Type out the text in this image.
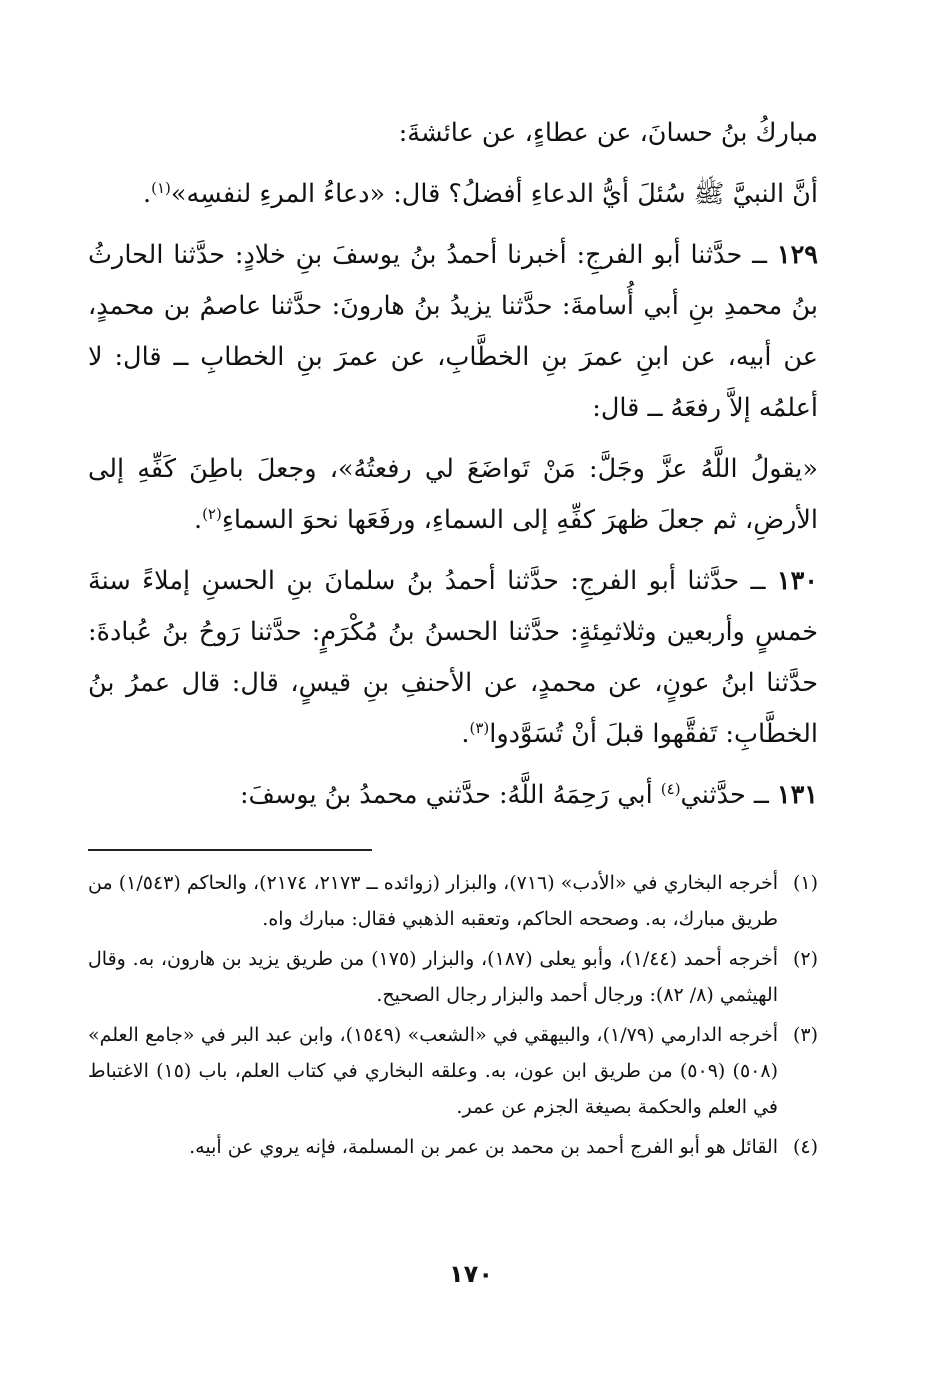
مباركُ بنُ حسانَ، عن عطاءٍ، عن عائشةَ:

أنَّ النبيَّ ﷺ سُئلَ أيُّ الدعاءِ أفضلُ؟ قال: «دعاءُ المرءِ لنفسِه»$^{(١)}$.

١٢٩ ــ حدَّثنا أبو الفرجِ: أخبرنا أحمدُ بنُ يوسفَ بنِ خلادٍ: حدَّثنا الحارثُ بنُ محمدِ بنِ أبي أُسامةَ: حدَّثنا يزيدُ بنُ هارونَ: حدَّثنا عاصمُ بن محمدٍ، عن أبيه، عن ابنِ عمرَ بنِ الخطَّابِ، عن عمرَ بنِ الخطابِ ــ قال: لا أعلمُه إلاَّ رفعَهُ ــ قال:

«يقولُ اللَّهُ عزَّ وجَلَّ: مَنْ تَواضَعَ لي رفعتُهُ»، وجعلَ باطِنَ كَفِّهِ إلى الأرضِ، ثم جعلَ ظهرَ كفِّهِ إلى السماءِ، ورفَعَها نحوَ السماءِ$^{(٢)}$.

١٣٠ ــ حدَّثنا أبو الفرجِ: حدَّثنا أحمدُ بنُ سلمانَ بنِ الحسنِ إملاءً سنةَ خمسٍ وأربعين وثلاثمِئةٍ: حدَّثنا الحسنُ بنُ مُكْرَمٍ: حدَّثنا رَوحُ بنُ عُبادةَ: حدَّثنا ابنُ عونٍ، عن محمدٍ، عن الأحنفِ بنِ قيسٍ، قال: قال عمرُ بنُ الخطَّابِ: تَفقَّهوا قبلَ أنْ تُسَوَّدوا$^{(٣)}$.

١٣١ ــ حدَّثني$^{(٤)}$ أبي رَحِمَهُ اللَّهُ: حدَّثني محمدُ بنُ يوسفَ:

(١)
أخرجه البخاري في «الأدب» (٧١٦)، والبزار (زوائده ــ ٢١٧٣، ٢١٧٤)، والحاكم (١/٥٤٣) من طريق مبارك، به. وصححه الحاكم، وتعقبه الذهبي فقال: مبارك واه.
(٢)
أخرجه أحمد (١/٤٤)، وأبو يعلى (١٨٧)، والبزار (١٧٥) من طريق يزيد بن هارون، به. وقال الهيثمي (٨/ ٨٢): ورجال أحمد والبزار رجال الصحيح.
(٣)
أخرجه الدارمي (١/٧٩)، والبيهقي في «الشعب» (١٥٤٩)، وابن عبد البر في «جامع العلم» (٥٠٨) (٥٠٩) من طريق ابن عون، به. وعلقه البخاري في كتاب العلم، باب (١٥) الاغتباط في العلم والحكمة بصيغة الجزم عن عمر.
(٤)
القائل هو أبو الفرج أحمد بن محمد بن عمر بن المسلمة، فإنه يروي عن أبيه.
١٧٠
